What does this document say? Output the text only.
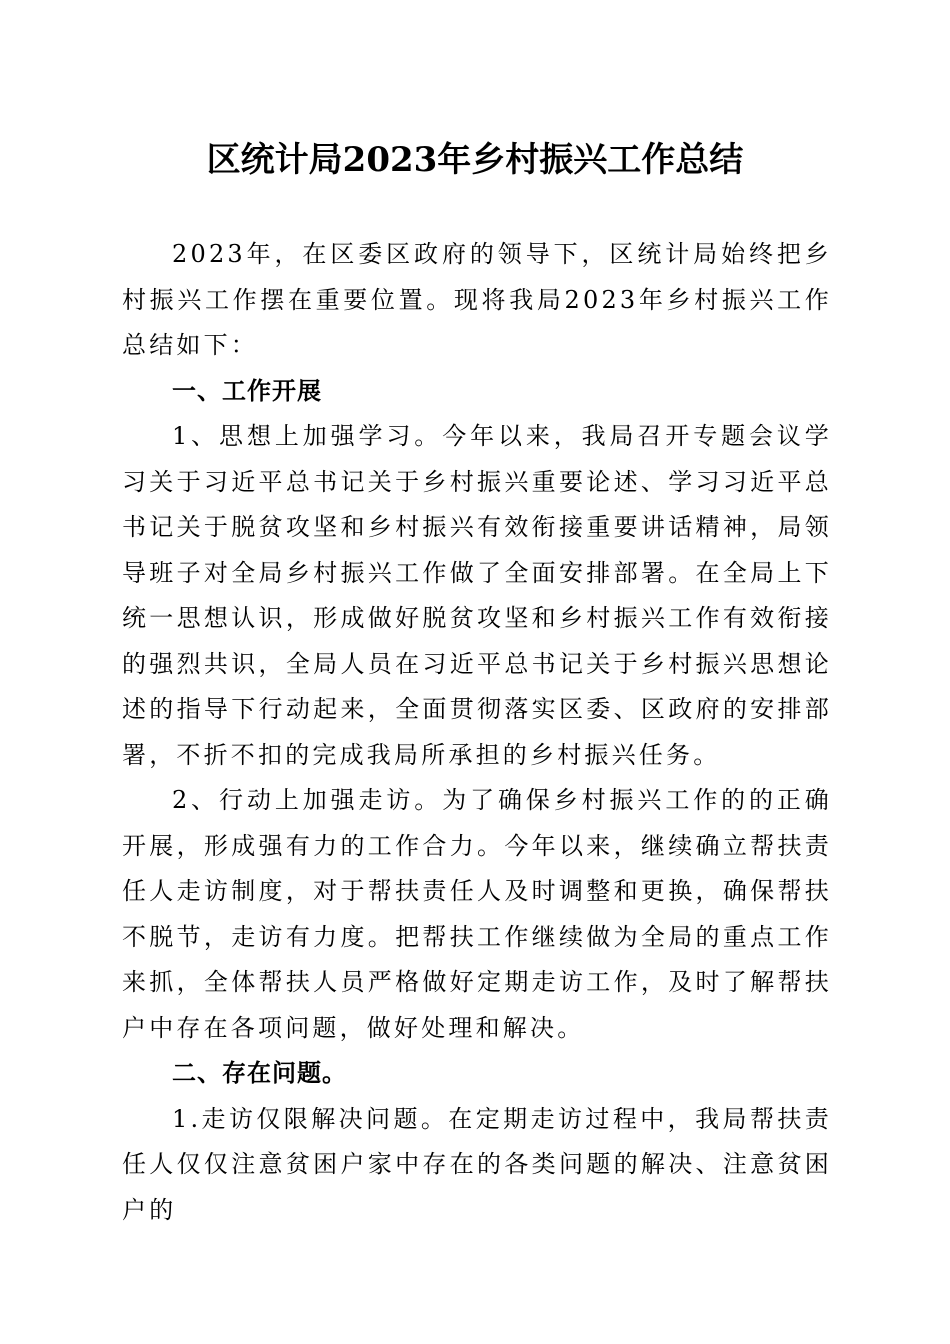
区统计局2023年乡村振兴工作总结

2023年，在区委区政府的领导下，区统计局始终把乡村振兴工作摆在重要位置。现将我局2023年乡村振兴工作总结如下：

一、工作开展

1、思想上加强学习。今年以来，我局召开专题会议学习关于习近平总书记关于乡村振兴重要论述、学习习近平总书记关于脱贫攻坚和乡村振兴有效衔接重要讲话精神，局领导班子对全局乡村振兴工作做了全面安排部署。在全局上下统一思想认识，形成做好脱贫攻坚和乡村振兴工作有效衔接的强烈共识，全局人员在习近平总书记关于乡村振兴思想论述的指导下行动起来，全面贯彻落实区委、区政府的安排部署，不折不扣的完成我局所承担的乡村振兴任务。

2、行动上加强走访。为了确保乡村振兴工作的的正确开展，形成强有力的工作合力。今年以来，继续确立帮扶责任人走访制度，对于帮扶责任人及时调整和更换，确保帮扶不脱节，走访有力度。把帮扶工作继续做为全局的重点工作来抓，全体帮扶人员严格做好定期走访工作，及时了解帮扶户中存在各项问题，做好处理和解决。

二、存在问题。

1.走访仅限解决问题。在定期走访过程中，我局帮扶责任人仅仅注意贫困户家中存在的各类问题的解决、注意贫困户的
